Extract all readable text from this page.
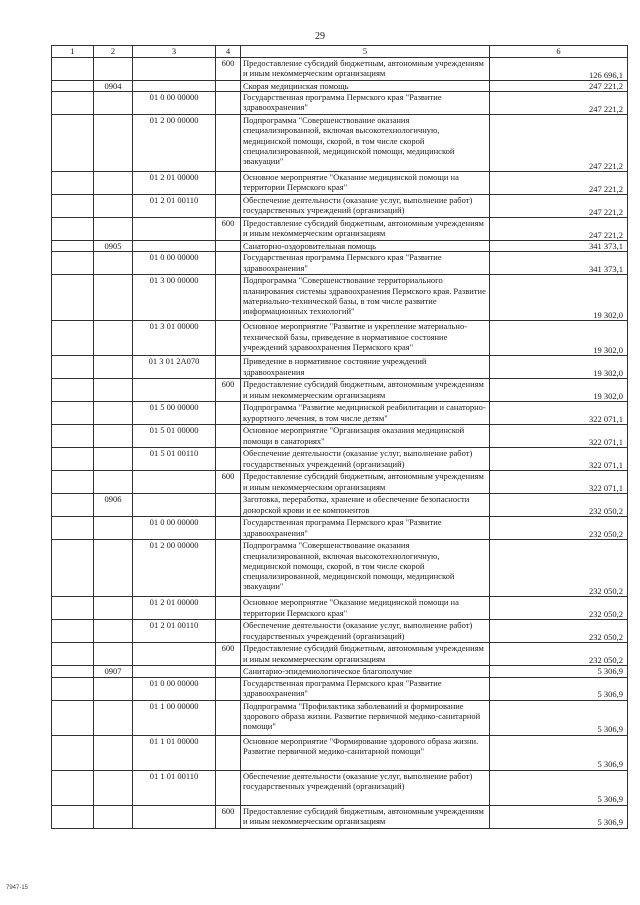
29
1	2	3	4	5	6
			600	Предоставление субсидий бюджетным, автономным учреждениям и иным некоммерческим организациям	126 696,1
	0904			Скорая медицинская помощь	247 221,2
		01 0 00 00000		Государственная программа Пермского края "Развитие здравоохранения"	247 221,2
		01 2 00 00000		Подпрограмма "Совершенствование оказания специализированной, включая высокотехнологичную, медицинской помощи, скорой, в том числе скорой специализированной, медицинской помощи, медицинской эвакуации"	247 221,2
		01 2 01 00000		Основное мероприятие "Оказание медицинской помощи на территории Пермского края"	247 221,2
		01 2 01 00110		Обеспечение деятельности (оказание услуг, выполнение работ) государственных учреждений (организаций)	247 221,2
			600	Предоставление субсидий бюджетным, автономным учреждениям и иным некоммерческим организациям	247 221,2
	0905			Санаторно-оздоровительная помощь	341 373,1
		01 0 00 00000		Государственная программа Пермского края "Развитие здравоохранения"	341 373,1
		01 3 00 00000		Подпрограмма "Совершенствование территориального планирования системы здравоохранения Пермского края. Развитие материально-технической базы, в том числе развитие информационных технологий"	19 302,0
		01 3 01 00000		Основное мероприятие "Развитие и укрепление материально-технической базы, приведение в нормативное состояние учреждений здравоохранения Пермского края"	19 302,0
		01 3 01 2А070		Приведение в нормативное состояние учреждений здравоохранения	19 302,0
			600	Предоставление субсидий бюджетным, автономным учреждениям и иным некоммерческим организациям	19 302,0
		01 5 00 00000		Подпрограмма "Развитие медицинской реабилитации и санаторно-курортного лечения, в том числе детям"	322 071,1
		01 5 01 00000		Основное мероприятие "Организация оказания медицинской помощи в санаториях"	322 071,1
		01 5 01 00110		Обеспечение деятельности (оказание услуг, выполнение работ) государственных учреждений (организаций)	322 071,1
			600	Предоставление субсидий бюджетным, автономным учреждениям и иным некоммерческим организациям	322 071,1
	0906			Заготовка, переработка, хранение и обеспечение безопасности донорской крови и ее компонентов	232 050,2
		01 0 00 00000		Государственная программа Пермского края "Развитие здравоохранения"	232 050,2
		01 2 00 00000		Подпрограмма "Совершенствование оказания специализированной, включая высокотехнологичную, медицинской помощи, скорой, в том числе скорой специализированной, медицинской помощи, медицинской эвакуации"	232 050,2
		01 2 01 00000		Основное мероприятие "Оказание медицинской помощи на территории Пермского края"	232 050,2
		01 2 01 00110		Обеспечение деятельности (оказание услуг, выполнение работ) государственных учреждений (организаций)	232 050,2
			600	Предоставление субсидий бюджетным, автономным учреждениям и иным некоммерческим организациям	232 050,2
	0907			Санитарно-эпидемиологическое благополучие	5 306,9
		01 0 00 00000		Государственная программа Пермского края "Развитие здравоохранения"	5 306,9
		01 1 00 00000		Подпрограмма "Профилактика заболеваний и формирование здорового образа жизни. Развитие первичной медико-санитарной помощи"	5 306,9
		01 1 01 00000		Основное мероприятие "Формирование здорового образа жизни. Развитие первичной медико-санитарной помощи"	5 306,9
		01 1 01 00110		Обеспечение деятельности (оказание услуг, выполнение работ) государственных учреждений (организаций)	5 306,9
			600	Предоставление субсидий бюджетным, автономным учреждениям и иным некоммерческим организациям	5 306,9
7947-15
